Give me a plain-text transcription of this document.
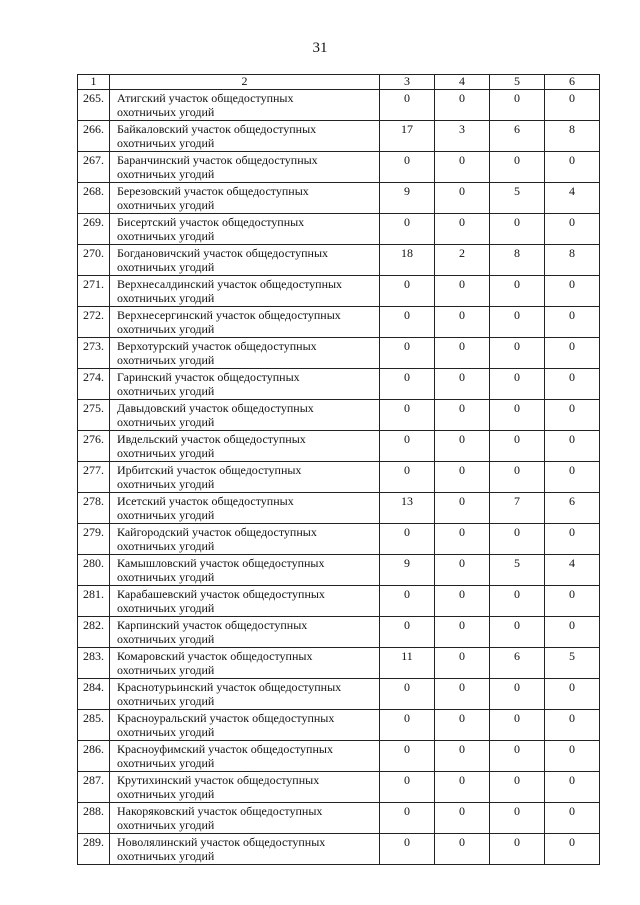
31
1	2	3	4	5	6
265.	Атигский участок общедоступных
охотничьих угодий	0	0	0	0
266.	Байкаловский участок общедоступных
охотничьих угодий	17	3	6	8
267.	Баранчинский участок общедоступных
охотничьих угодий	0	0	0	0
268.	Березовский участок общедоступных
охотничьих угодий	9	0	5	4
269.	Бисертский участок общедоступных
охотничьих угодий	0	0	0	0
270.	Богдановичский участок общедоступных
охотничьих угодий	18	2	8	8
271.	Верхнесалдинский участок общедоступных
охотничьих угодий	0	0	0	0
272.	Верхнесергинский участок общедоступных
охотничьих угодий	0	0	0	0
273.	Верхотурский участок общедоступных
охотничьих угодий	0	0	0	0
274.	Гаринский участок общедоступных
охотничьих угодий	0	0	0	0
275.	Давыдовский участок общедоступных
охотничьих угодий	0	0	0	0
276.	Ивдельский участок общедоступных
охотничьих угодий	0	0	0	0
277.	Ирбитский участок общедоступных
охотничьих угодий	0	0	0	0
278.	Исетский участок общедоступных
охотничьих угодий	13	0	7	6
279.	Кайгородский участок общедоступных
охотничьих угодий	0	0	0	0
280.	Камышловский участок общедоступных
охотничьих угодий	9	0	5	4
281.	Карабашевский участок общедоступных
охотничьих угодий	0	0	0	0
282.	Карпинский участок общедоступных
охотничьих угодий	0	0	0	0
283.	Комаровский участок общедоступных
охотничьих угодий	11	0	6	5
284.	Краснотурьинский участок общедоступных
охотничьих угодий	0	0	0	0
285.	Красноуральский участок общедоступных
охотничьих угодий	0	0	0	0
286.	Красноуфимский участок общедоступных
охотничьих угодий	0	0	0	0
287.	Крутихинский участок общедоступных
охотничьих угодий	0	0	0	0
288.	Накоряковский участок общедоступных
охотничьих угодий	0	0	0	0
289.	Новолялинский участок общедоступных
охотничьих угодий	0	0	0	0
